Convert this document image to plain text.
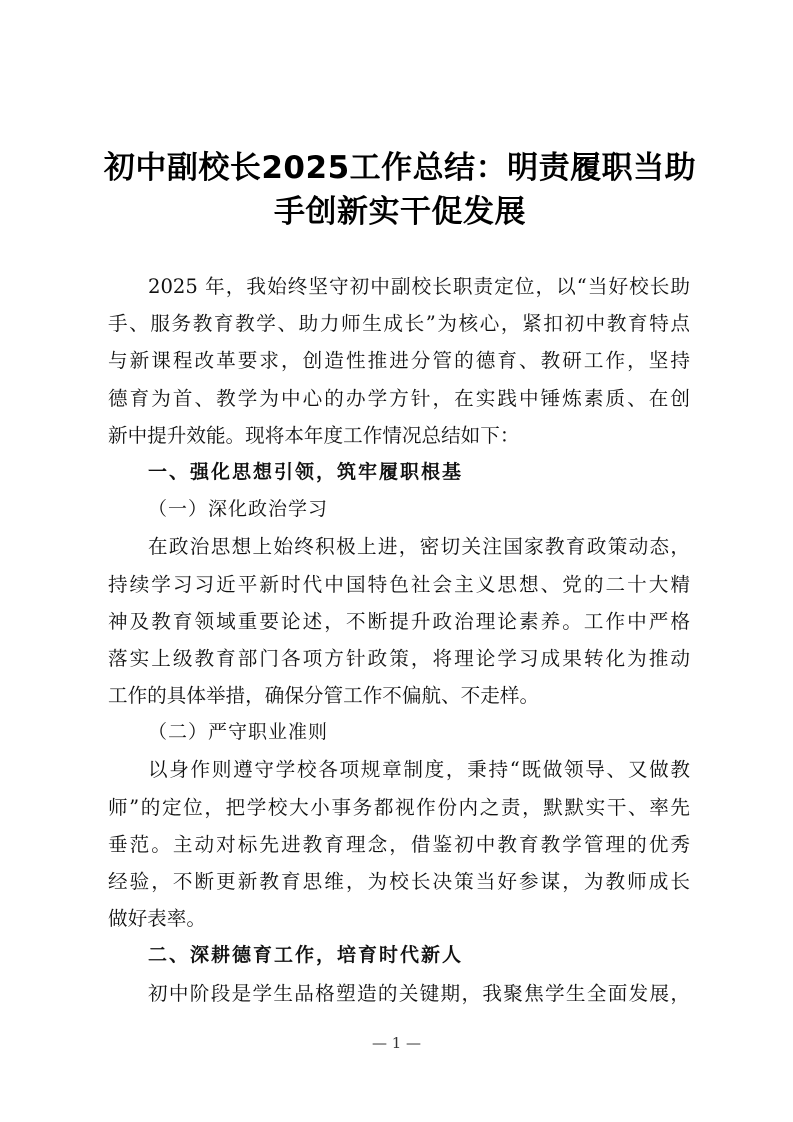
初中副校长2025工作总结：明责履职当助
手创新实干促发展
2025 年，我始终坚守初中副校长职责定位，以“当好校长助
手、服务教育教学、助力师生成长”为核心，紧扣初中教育特点
与新课程改革要求，创造性推进分管的德育、教研工作，坚持
德育为首、教学为中心的办学方针，在实践中锤炼素质、在创
新中提升效能。现将本年度工作情况总结如下：
一、强化思想引领，筑牢履职根基
（一）深化政治学习
在政治思想上始终积极上进，密切关注国家教育政策动态，
持续学习习近平新时代中国特色社会主义思想、党的二十大精
神及教育领域重要论述，不断提升政治理论素养。工作中严格
落实上级教育部门各项方针政策，将理论学习成果转化为推动
工作的具体举措，确保分管工作不偏航、不走样。
（二）严守职业准则
以身作则遵守学校各项规章制度，秉持“既做领导、又做教
师”的定位，把学校大小事务都视作份内之责，默默实干、率先
垂范。主动对标先进教育理念，借鉴初中教育教学管理的优秀
经验，不断更新教育思维，为校长决策当好参谋，为教师成长
做好表率。
二、深耕德育工作，培育时代新人
初中阶段是学生品格塑造的关键期，我聚焦学生全面发展，
— 1 —
